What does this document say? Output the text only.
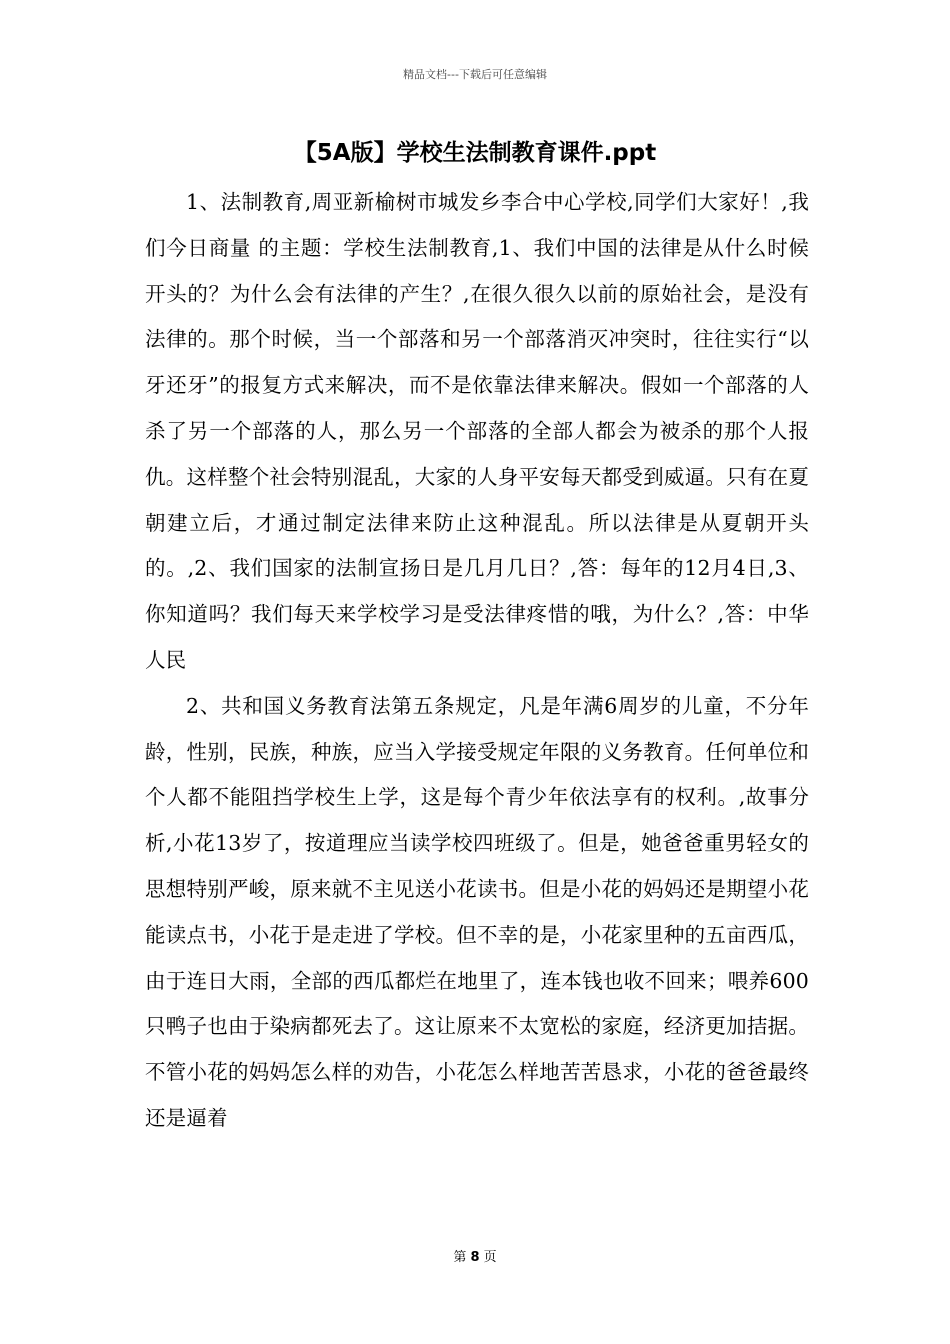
精品文档---下载后可任意编辑
【5A版】学校生法制教育课件.ppt

1、法制教育,周亚新榆树市城发乡李合中心学校,同学们大家好！,我们今日商量 的主题：学校生法制教育,1、我们中国的法律是从什么时候开头的？为什么会有法律的产生？,在很久很久以前的原始社会，是没有法律的。那个时候，当一个部落和另一个部落消灭冲突时，往往实行“以牙还牙”的报复方式来解决，而不是依靠法律来解决。假如一个部落的人杀了另一个部落的人，那么另一个部落的全部人都会为被杀的那个人报仇。这样整个社会特别混乱，大家的人身平安每天都受到威逼。只有在夏朝建立后，才通过制定法律来防止这种混乱。所以法律是从夏朝开头的。,2、我们国家的法制宣扬日是几月几日？,答：每年的12月4日,3、你知道吗？我们每天来学校学习是受法律疼惜的哦，为什么？,答：中华人民

2、共和国义务教育法第五条规定，凡是年满6周岁的儿童，不分年龄，性别，民族，种族，应当入学接受规定年限的义务教育。任何单位和个人都不能阻挡学校生上学，这是每个青少年依法享有的权利。,故事分析,小花13岁了，按道理应当读学校四班级了。但是，她爸爸重男轻女的思想特别严峻，原来就不主见送小花读书。但是小花的妈妈还是期望小花能读点书，小花于是走进了学校。但不幸的是，小花家里种的五亩西瓜，由于连日大雨，全部的西瓜都烂在地里了，连本钱也收不回来；喂养600只鸭子也由于染病都死去了。这让原来不太宽松的家庭，经济更加拮据。不管小花的妈妈怎么样的劝告，小花怎么样地苦苦恳求，小花的爸爸最终还是逼着

第 8 页
